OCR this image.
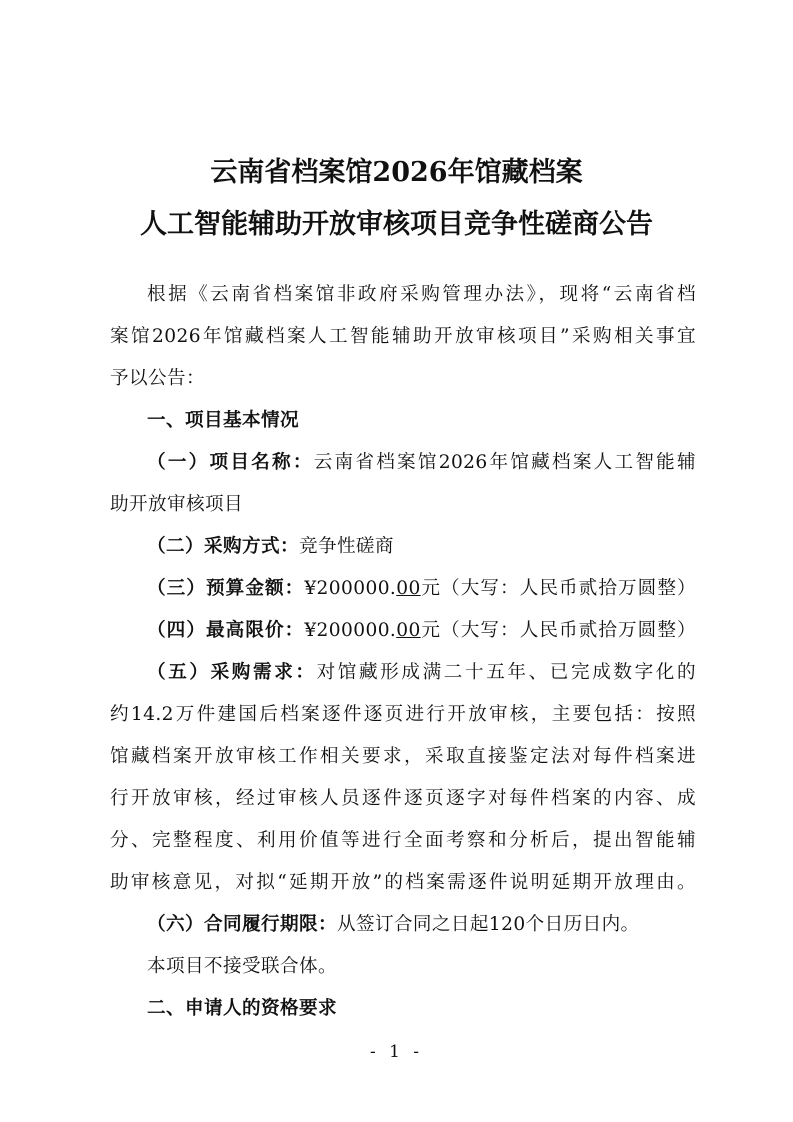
云南省档案馆2026年馆藏档案
人工智能辅助开放审核项目竞争性磋商公告
根据《云南省档案馆非政府采购管理办法》，现将“云南省档
案馆2026年馆藏档案人工智能辅助开放审核项目”采购相关事宜
予以公告：
一、项目基本情况
（一）项目名称：云南省档案馆2026年馆藏档案人工智能辅
助开放审核项目
（二）采购方式：竞争性磋商
（三）预算金额：¥200000.00元（大写：人民币贰拾万圆整）
（四）最高限价：¥200000.00元（大写：人民币贰拾万圆整）
（五）采购需求：对馆藏形成满二十五年、已完成数字化的
约14.2万件建国后档案逐件逐页进行开放审核，主要包括：按照
馆藏档案开放审核工作相关要求，采取直接鉴定法对每件档案进
行开放审核，经过审核人员逐件逐页逐字对每件档案的内容、成
分、完整程度、利用价值等进行全面考察和分析后，提出智能辅
助审核意见，对拟“延期开放”的档案需逐件说明延期开放理由。
（六）合同履行期限：从签订合同之日起120个日历日内。
本项目不接受联合体。
二、申请人的资格要求
- 1 -
